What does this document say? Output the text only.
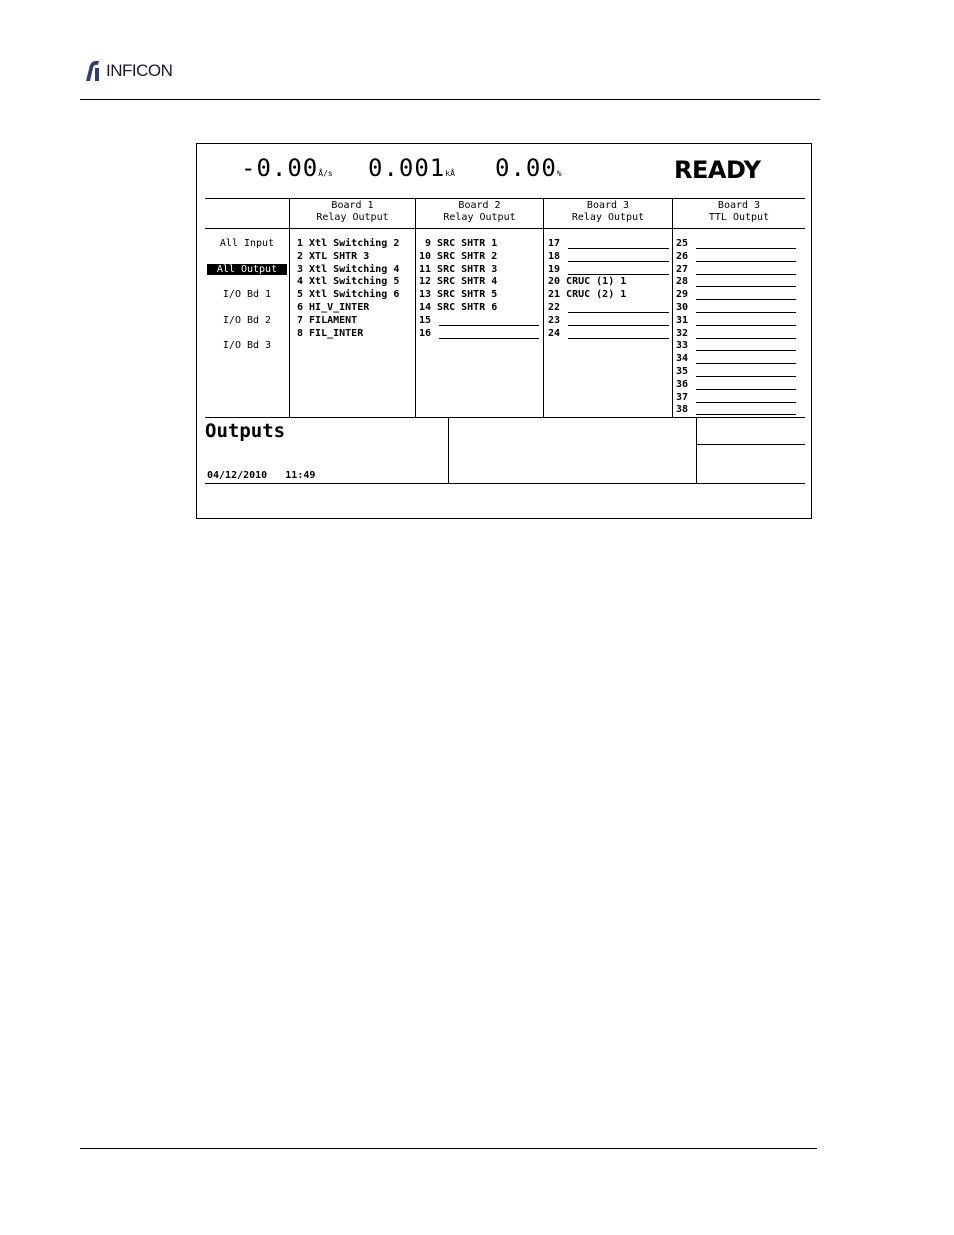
INFICON
-0.00Å/s 0.001kÅ 0.00%	READY
Board 1
Relay Output
Board 2
Relay Output
Board 3
Relay Output
Board 3
TTL Output
All Input
All Output
I/O Bd 1
I/O Bd 2
I/O Bd 3
1 Xtl Switching 2
2 XTL SHTR 3
3 Xtl Switching 4
4 Xtl Switching 5
5 Xtl Switching 6
6 HI_V_INTER
7 FILAMENT
8 FIL_INTER
9 SRC SHTR 1
10 SRC SHTR 2
11 SRC SHTR 3
12 SRC SHTR 4
13 SRC SHTR 5
14 SRC SHTR 6
15
16
17
18
19
20 CRUC (1) 1
21 CRUC (2) 1
22
23
24
25
26
27
28
29
30
31
32
33
34
35
36
37
38
Outputs
04/12/2010 11:49
